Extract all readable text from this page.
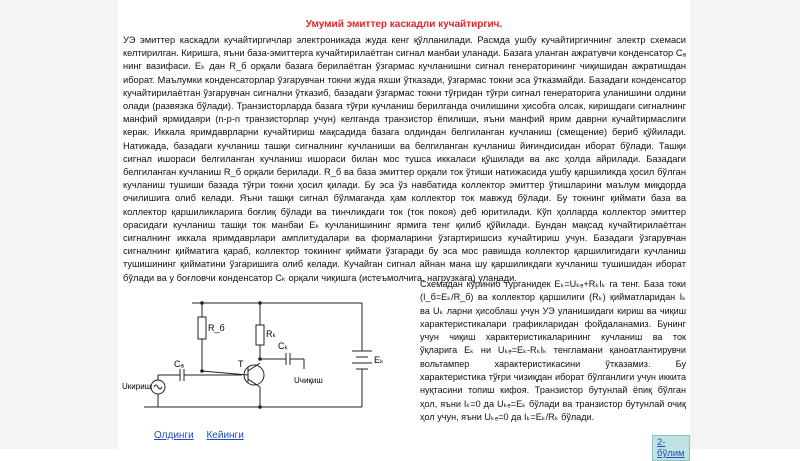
Умумий эмиттер каскадли кучайтиргич.

УЭ эмиттер каскадли кучайтиргичлар электроникада жуда кенг қўлланилади. Расмда ушбу кучайтиргичнинг электр схемаси келтирилган. Киришга, яъни база-эмиттерга кучайтирилаётган сигнал манбаи уланади. Базага уланган ажратувчи конденсатор Cₐ нинг вазифаси. Eₖ дан R_б орқали базага берилаётган ўзгармас кучланишни сигнал генераторининг чиқишидан ажратишдан иборат. Маълумки конденсаторлар ўзгарувчан токни жуда яхши ўтказади, ўзгармас токни эса ўтказмайди. Базадаги конденсатор кучайтирилаётган ўзгарувчан сигнални ўтказиб, базадаги ўзгармас токни тўғридан тўғри сигнал генераторига уланишини олдини олади (развязка бўлади). Транзисторларда базага тўғри кучланиш берилганда очилишини ҳисобга олсак, киришдаги сигналнинг манфий ярмидаяри (n-p-n транзисторлар учун) келганда транзистор ёпилиши, яъни манфий ярим даврни кучайтирмаслиги керак. Иккала яримдаврларни кучайтириш мақсадида базага олдиндан белгиланган кучланиш (смещение) бериб қўйилади. Натижада, базадаги кучланиш ташқи сигналнинг кучланиши ва белгиланган кучланиш йиғиндисидан иборат бўлади. Ташқи сигнал ишораси белгиланган кучланиш ишораси билан мос тушса иккаласи қўшилади ва акс ҳолда айрилади. Базадаги белгиланган кучланиш R_б орқали берилади. R_б ва база эмиттер орқали ток ўтиши натижасида ушбу қаршиликда ҳосил бўлган кучланиш тушиши базада тўғри токни ҳосил қилади. Бу эса ўз навбатида коллектор эмиттер ўтишларини маълум миқдорда очилишига олиб келади. Яъни ташқи сигнал бўлмаганда ҳам коллектор ток мавжуд бўлади. Бу токнинг қиймати база ва коллектор қаршиликларига боғлиқ бўлади ва тинчликдаги ток (ток покоя) деб юритилади. Кўп ҳолларда коллектор эмиттер орасидаги кучланиш ташқи ток манбаи Eₖ кучланишининг ярмига тенг қилиб қўйилади. Бундан мақсад кучайтирилаётган сигналнинг иккала яримдаврлари амплитудалари ва формаларини ўзгартиришсиз кучайтириш учун. Базадаги ўзгарувчан сигналнинг қийматига қараб, коллектор токининг қиймати ўзгаради бу эса мос равишда коллектор қаршилигидаги кучланиш тушишининг қийматини ўзгаришига олиб келади. Кучайган сигнал айнан мана шу қаршиликдаги кучланиш тушишидан иборат бўлади ва у боғловчи конденсатор Cₖ орқали чиқишга (истеъмолчига, нагрузкага) уланади.

R_б
Rₖ
Cₖ
Cₐ	T	Eₖ
Uкириш
Uчиқиш

Схемадан кўриниб турганидек Eₖ=Uₖₑ+RₖIₖ га тенг. База токи (I_б=Eₖ/R_б) ва коллектор қаршилиги (Rₖ) қийматларидан Iₖ ва Uₖ ларни ҳисоблаш учун УЭ уланишидаги кириш ва чиқиш характеристикалари графикларидан фойдаланамиз. Бунинг учун чиқиш характеристикаларининг кучланиш ва ток ўқларига Eₖ ни Uₖₑ=Eₖ-RₖIₖ тенгламани қаноатлантирувчи вольтампер характеристикасини ўтказамиз. Бу характеристика тўғри чизиқдан иборат бўлганлиги учун иккита нуқтасини топиш кифоя. Транзистор бутунлай ёпиқ бўлган ҳол, яъни Iₖ=0 да Uₖₑ=Eₖ бўлади ва транзистор бутунлай очиқ ҳол учун, яъни Uₖₑ=0 да Iₖ=Eₖ/Rₖ бўлади.

Олдинги Кейинги
2-бўлим
